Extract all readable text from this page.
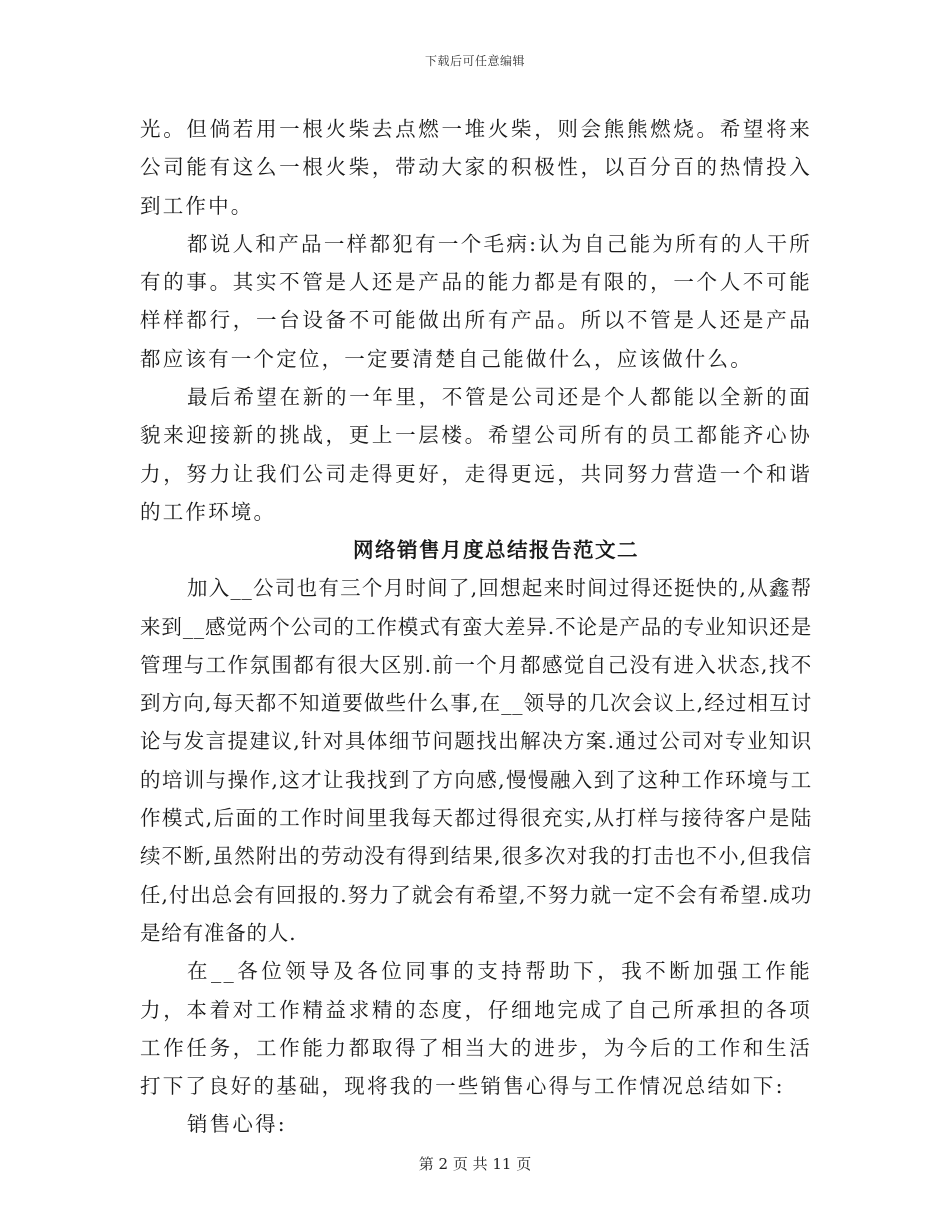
下载后可任意编辑

光。但倘若用一根火柴去点燃一堆火柴，则会熊熊燃烧。希望将来公司能有这么一根火柴，带动大家的积极性，以百分百的热情投入到工作中。

都说人和产品一样都犯有一个毛病:认为自己能为所有的人干所有的事。其实不管是人还是产品的能力都是有限的，一个人不可能样样都行，一台设备不可能做出所有产品。所以不管是人还是产品都应该有一个定位，一定要清楚自己能做什么，应该做什么。

最后希望在新的一年里，不管是公司还是个人都能以全新的面貌来迎接新的挑战，更上一层楼。希望公司所有的员工都能齐心协力，努力让我们公司走得更好，走得更远，共同努力营造一个和谐的工作环境。

网络销售月度总结报告范文二

加入__公司也有三个月时间了,回想起来时间过得还挺快的,从鑫帮来到__感觉两个公司的工作模式有蛮大差异.不论是产品的专业知识还是管理与工作氛围都有很大区别.前一个月都感觉自己没有进入状态,找不到方向,每天都不知道要做些什么事,在__领导的几次会议上,经过相互讨论与发言提建议,针对具体细节问题找出解决方案.通过公司对专业知识的培训与操作,这才让我找到了方向感,慢慢融入到了这种工作环境与工作模式,后面的工作时间里我每天都过得很充实,从打样与接待客户是陆续不断,虽然附出的劳动没有得到结果,很多次对我的打击也不小,但我信任,付出总会有回报的.努力了就会有希望,不努力就一定不会有希望.成功是给有准备的人.

在__各位领导及各位同事的支持帮助下，我不断加强工作能力，本着对工作精益求精的态度，仔细地完成了自己所承担的各项工作任务，工作能力都取得了相当大的进步，为今后的工作和生活打下了良好的基础，现将我的一些销售心得与工作情况总结如下:

销售心得:

第 2 页 共 11 页
